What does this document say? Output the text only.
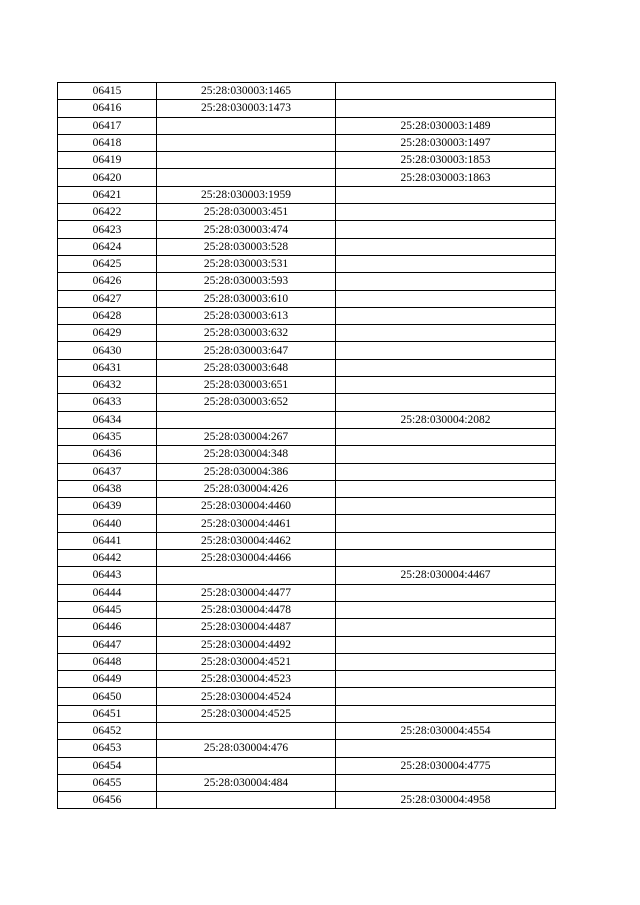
06415	25:28:030003:1465	
06416	25:28:030003:1473	
06417		25:28:030003:1489
06418		25:28:030003:1497
06419		25:28:030003:1853
06420		25:28:030003:1863
06421	25:28:030003:1959	
06422	25:28:030003:451	
06423	25:28:030003:474	
06424	25:28:030003:528	
06425	25:28:030003:531	
06426	25:28:030003:593	
06427	25:28:030003:610	
06428	25:28:030003:613	
06429	25:28:030003:632	
06430	25:28:030003:647	
06431	25:28:030003:648	
06432	25:28:030003:651	
06433	25:28:030003:652	
06434		25:28:030004:2082
06435	25:28:030004:267	
06436	25:28:030004:348	
06437	25:28:030004:386	
06438	25:28:030004:426	
06439	25:28:030004:4460	
06440	25:28:030004:4461	
06441	25:28:030004:4462	
06442	25:28:030004:4466	
06443		25:28:030004:4467
06444	25:28:030004:4477	
06445	25:28:030004:4478	
06446	25:28:030004:4487	
06447	25:28:030004:4492	
06448	25:28:030004:4521	
06449	25:28:030004:4523	
06450	25:28:030004:4524	
06451	25:28:030004:4525	
06452		25:28:030004:4554
06453	25:28:030004:476	
06454		25:28:030004:4775
06455	25:28:030004:484	
06456		25:28:030004:4958
